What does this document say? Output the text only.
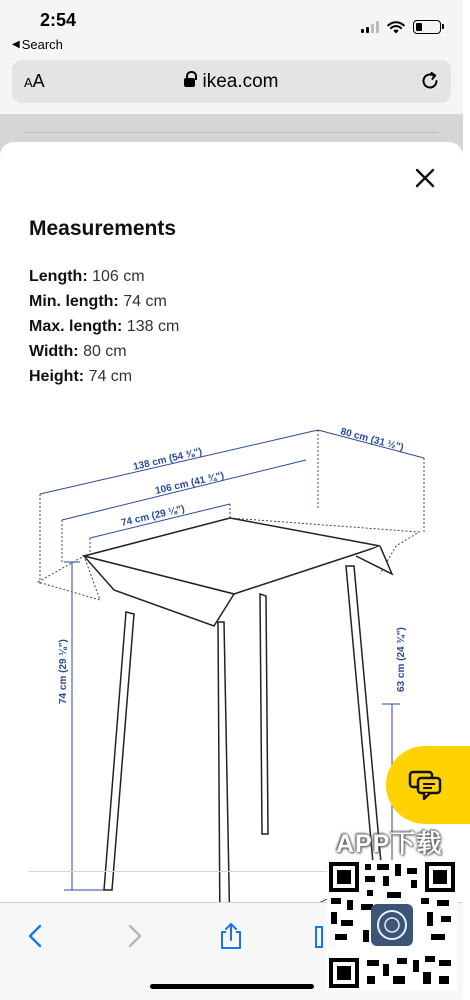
2:54
◀ Search
AA	ikea.com
Measurements
Length: 106 cm
Min. length: 74 cm
Max. length: 138 cm
Width: 80 cm
Height: 74 cm
138 cm (54 ⅜")
106 cm (41 ¾")
74 cm (29 ⅛")
80 cm (31 ½")
74 cm (29 ⅛")	63 cm (24 ¾")
APP下载
